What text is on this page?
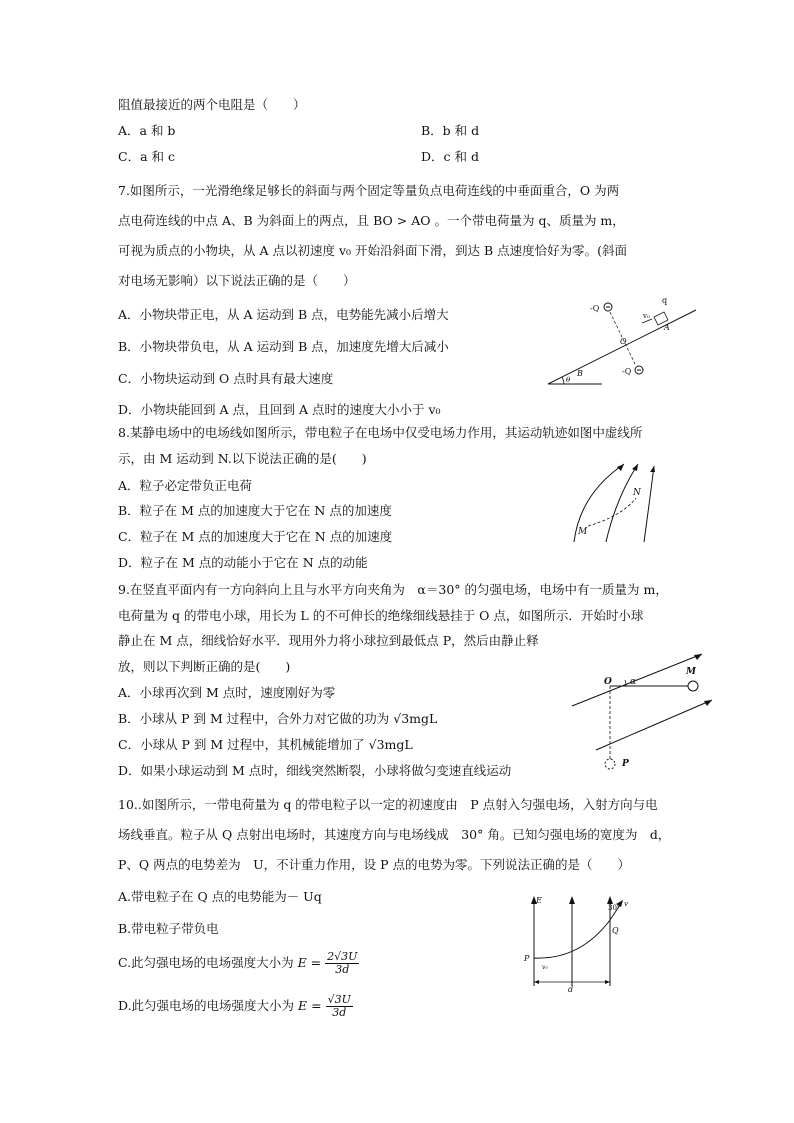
阻值最接近的两个电阻是（　　）
A．a 和 b	B．b 和 d
C．a 和 c	D．c 和 d
7.如图所示，一光滑绝缘足够长的斜面与两个固定等量负点电荷连线的中垂面重合，O 为两
点电荷连线的中点 A、B 为斜面上的两点，且 BO > AO 。一个带电荷量为 q、质量为 m，
可视为质点的小物块，从 A 点以初速度 v₀ 开始沿斜面下滑，到达 B 点速度恰好为零。(斜面
对电场无影响）以下说法正确的是（　　）
A．小物块带正电，从 A 运动到 B 点，电势能先减小后增大
B．小物块带负电，从 A 运动到 B 点，加速度先增大后减小
C．小物块运动到 O 点时具有最大速度
D．小物块能回到 A 点，且回到 A 点时的速度大小小于 v₀
-Q
-Q
q
v₀
A
O
B
θ
8.某静电场中的电场线如图所示，带电粒子在电场中仅受电场力作用，其运动轨迹如图中虚线所
示，由 M 运动到 N.以下说法正确的是(　　)
A．粒子必定带负正电荷
B．粒子在 M 点的加速度大于它在 N 点的加速度
C．粒子在 M 点的加速度大于它在 N 点的加速度
D．粒子在 M 点的动能小于它在 N 点的动能
N
M
9.在竖直平面内有一方向斜向上且与水平方向夹角为　α＝30° 的匀强电场，电场中有一质量为 m，
电荷量为 q 的带电小球，用长为 L 的不可伸长的绝缘细线悬挂于 O 点，如图所示．开始时小球
静止在 M 点，细线恰好水平．现用外力将小球拉到最低点 P，然后由静止释
放，则以下判断正确的是(　　)
A．小球再次到 M 点时，速度刚好为零
B．小球从 P 到 M 过程中，合外力对它做的功为 √3mgL
C．小球从 P 到 M 过程中，其机械能增加了 √3mgL
D．如果小球运动到 M 点时，细线突然断裂，小球将做匀变速直线运动
O α
M
P
10..如图所示，一带电荷量为 q 的带电粒子以一定的初速度由　P 点射入匀强电场，入射方向与电
场线垂直。粒子从 Q 点射出电场时，其速度方向与电场线成　30° 角。已知匀强电场的宽度为　d，
P、Q 两点的电势差为　U，不计重力作用，设 P 点的电势为零。下列说法正确的是（　　）
A.带电粒子在 Q 点的电势能为－ Uq
B.带电粒子带负电
C.此匀强电场的电场强度大小为 $E = \frac{2√3U}{3d}$
D.此匀强电场的电场强度大小为 $E = \frac{√3U}{3d}$
E
30° v
Q
P
v₀
d
